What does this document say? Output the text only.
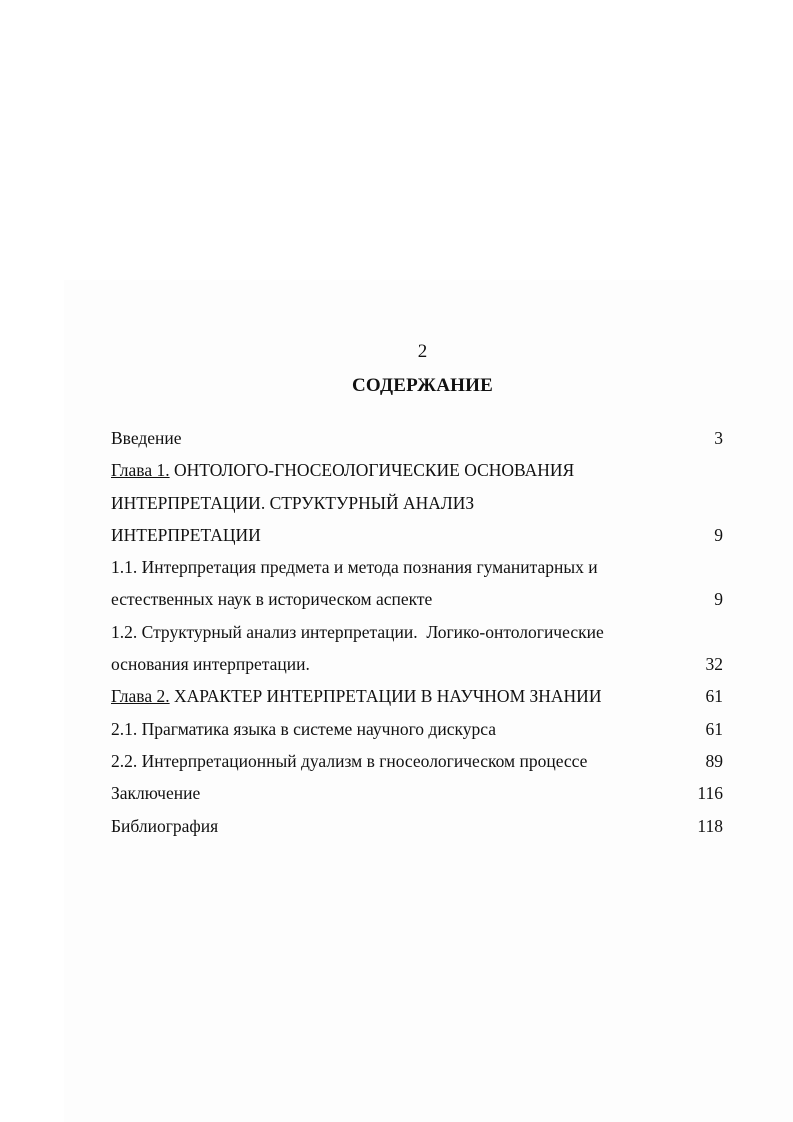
2
СОДЕРЖАНИЕ
Введение	3
Глава 1. ОНТОЛОГО-ГНОСЕОЛОГИЧЕСКИЕ ОСНОВАНИЯ
ИНТЕРПРЕТАЦИИ. СТРУКТУРНЫЙ АНАЛИЗ
ИНТЕРПРЕТАЦИИ	9
1.1. Интерпретация предмета и метода познания гуманитарных и
естественных наук в историческом аспекте	9
1.2. Структурный анализ интерпретации.  Логико-онтологические
основания интерпретации.	32
Глава 2. ХАРАКТЕР ИНТЕРПРЕТАЦИИ В НАУЧНОМ ЗНАНИИ	61
2.1. Прагматика языка в системе научного дискурса	61
2.2. Интерпретационный дуализм в гносеологическом процессе	89
Заключение	116
Библиография	118
